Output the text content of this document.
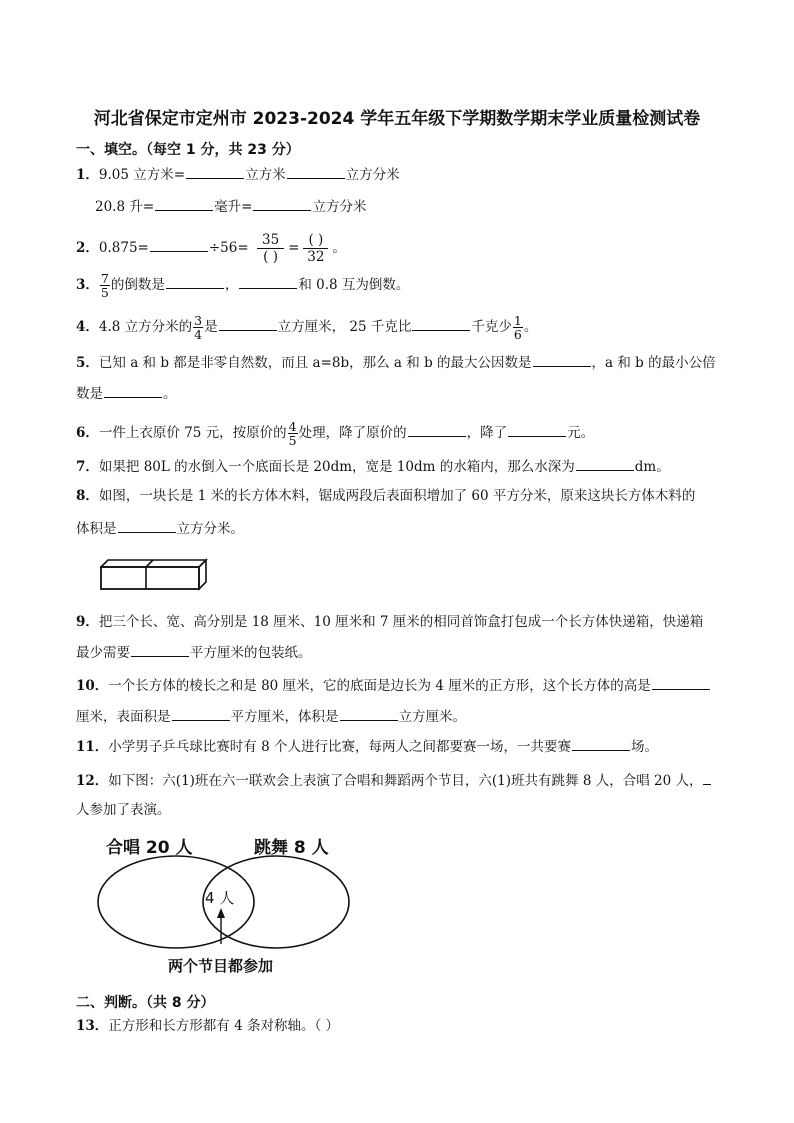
河北省保定市定州市 2023-2024 学年五年级下学期数学期末学业质量检测试卷
一、填空。（每空 1 分，共 23 分）
1．9.05 立方米=	立方米	立方分米
20.8 升=	毫升=	立方分米
2．0.875=	$\div 56= \frac{35}{( )} = \frac{( )}{32}$ 。
3． $\frac{7}{5}$ 的倒数是	，	和 0.8 互为倒数。
4．4.8 立方分米的 $\frac{3}{4}$ 是	立方厘米， 25 千克比	千克少 $\frac{1}{6}$ 。
5．已知 a 和 b 都是非零自然数，而且 a=8b，那么 a 和 b 的最大公因数是	，a 和 b 的最小公倍
数是	。
6．一件上衣原价 75 元，按原价的 $\frac{4}{5}$ 处理，降了原价的	，降了	元。
7．如果把 80L 的水倒入一个底面长是 20dm，宽是 10dm 的水箱内，那么水深为	dm。
8．如图，一块长是 1 米的长方体木料，锯成两段后表面积增加了 60 平方分米，原来这块长方体木料的
体积是	立方分米。
9．把三个长、宽、高分别是 18 厘米、10 厘米和 7 厘米的相同首饰盒打包成一个长方体快递箱，快递箱
最少需要	平方厘米的包装纸。
10．一个长方体的棱长之和是 80 厘米，它的底面是边长为 4 厘米的正方形，这个长方体的高是
厘米，表面积是	平方厘米，体积是	立方厘米。
11．小学男子乒乓球比赛时有 8 个人进行比赛，每两人之间都要赛一场，一共要赛	场。
12．如下图：六(1)班在六一联欢会上表演了合唱和舞蹈两个节目，六(1)班共有跳舞 8 人，合唱 20 人，
人参加了表演。
合唱 20 人	跳舞 8 人
4 人
两个节目都参加
二、判断。（共 8 分）
13．正方形和长方形都有 4 条对称轴。（ ）
